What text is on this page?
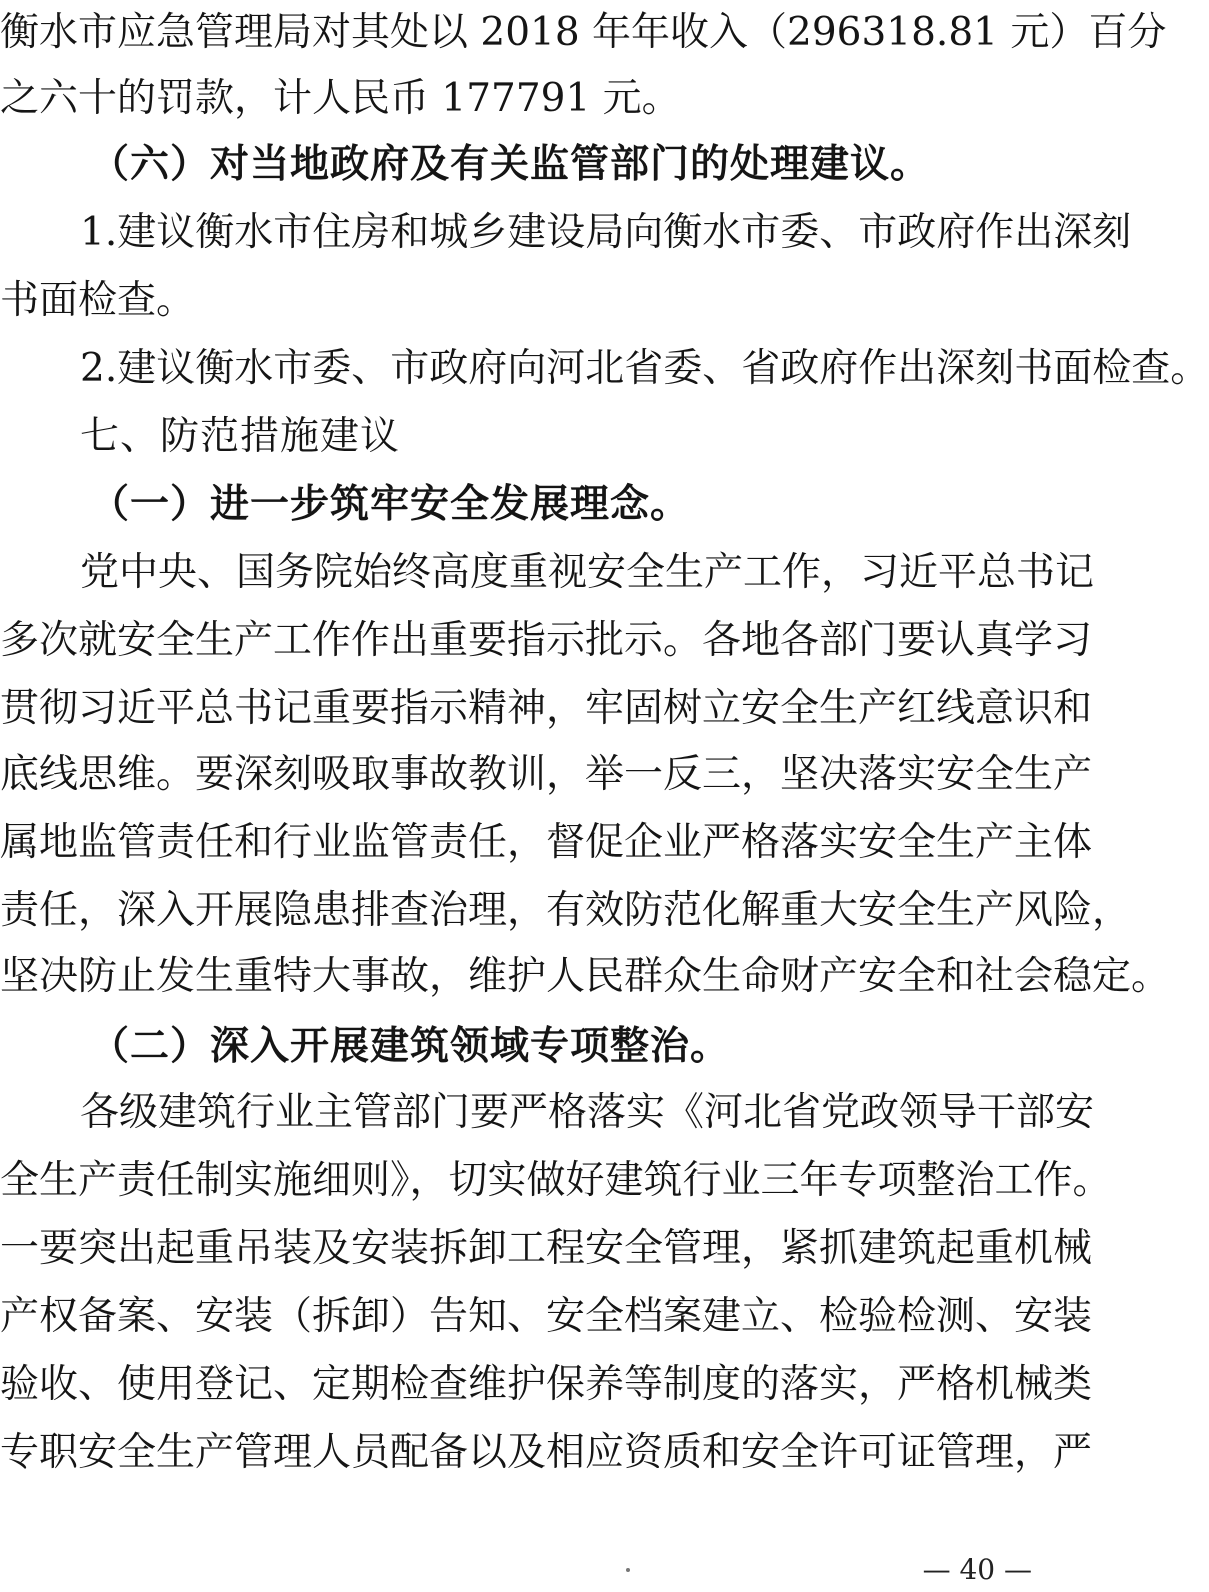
衡水市应急管理局对其处以 2018 年年收入（296318.81 元）百分
之六十的罚款，计人民币 177791 元。
（六）对当地政府及有关监管部门的处理建议。
1.建议衡水市住房和城乡建设局向衡水市委、市政府作出深刻
书面检查。
2.建议衡水市委、市政府向河北省委、省政府作出深刻书面检查。
七、防范措施建议
（一）进一步筑牢安全发展理念。
党中央、国务院始终高度重视安全生产工作，习近平总书记
多次就安全生产工作作出重要指示批示。各地各部门要认真学习
贯彻习近平总书记重要指示精神，牢固树立安全生产红线意识和
底线思维。要深刻吸取事故教训，举一反三，坚决落实安全生产
属地监管责任和行业监管责任，督促企业严格落实安全生产主体
责任，深入开展隐患排查治理，有效防范化解重大安全生产风险，
坚决防止发生重特大事故，维护人民群众生命财产安全和社会稳定。
（二）深入开展建筑领域专项整治。
各级建筑行业主管部门要严格落实《河北省党政领导干部安
全生产责任制实施细则》，切实做好建筑行业三年专项整治工作。
一要突出起重吊装及安装拆卸工程安全管理，紧抓建筑起重机械
产权备案、安装（拆卸）告知、安全档案建立、检验检测、安装
验收、使用登记、定期检查维护保养等制度的落实，严格机械类
专职安全生产管理人员配备以及相应资质和安全许可证管理，严
— 40 —
